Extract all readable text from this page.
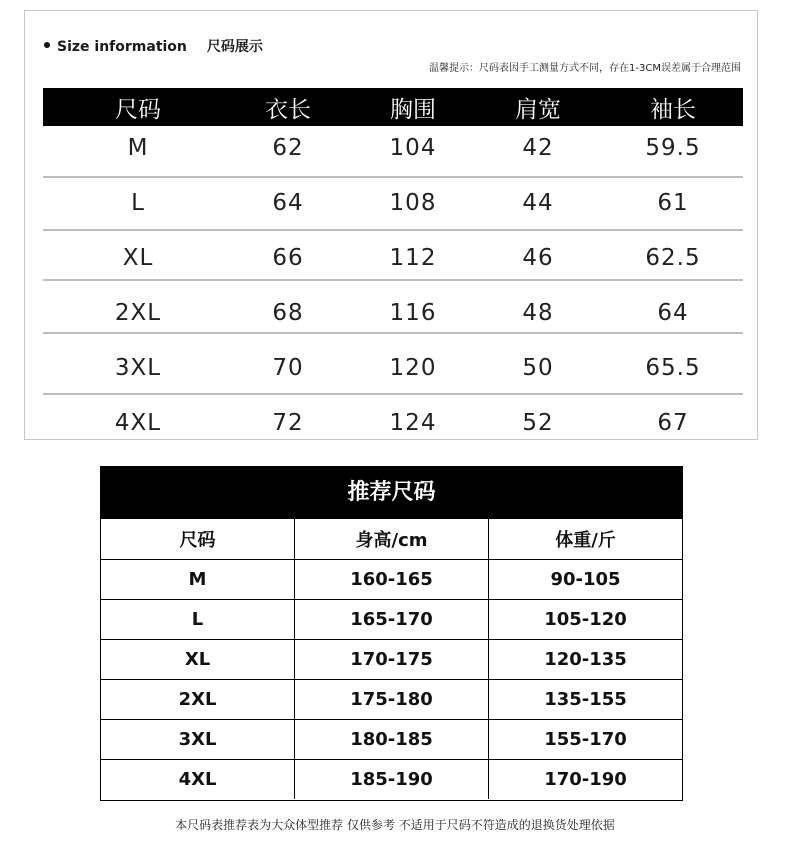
Size information 尺码展示
温馨提示：尺码表因手工测量方式不同，存在1-3CM误差属于合理范围
尺码	衣长	胸围	肩宽	袖长
M	62	104	42	59.5
L	64	108	44	61
XL	66	112	46	62.5
2XL	68	116	48	64
3XL	70	120	50	65.5
4XL	72	124	52	67
推荐尺码
尺码	身高/cm	体重/斤
M	160-165	90-105
L	165-170	105-120
XL	170-175	120-135
2XL	175-180	135-155
3XL	180-185	155-170
4XL	185-190	170-190
本尺码表推荐表为大众体型推荐 仅供参考 不适用于尺码不符造成的退换货处理依据
